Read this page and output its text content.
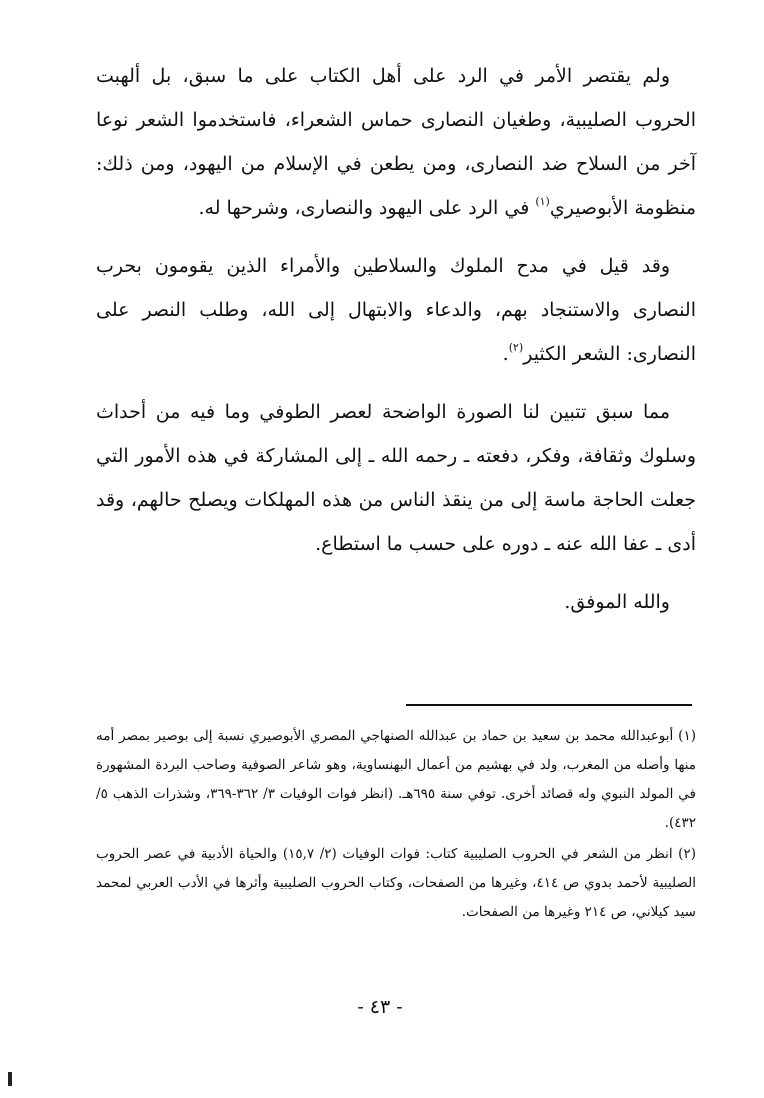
ولم يقتصر الأمر في الرد على أهل الكتاب على ما سبق، بل ألهبت الحروب الصليبية، وطغيان النصارى حماس الشعراء، فاستخدموا الشعر نوعا آخر من السلاح ضد النصارى، ومن يطعن في الإسلام من اليهود، ومن ذلك: منظومة الأبوصيري$^{(١)}$ في الرد على اليهود والنصارى، وشرحها له.

وقد قيل في مدح الملوك والسلاطين والأمراء الذين يقومون بحرب النصارى والاستنجاد بهم، والدعاء والابتهال إلى الله، وطلب النصر على النصارى: الشعر الكثير$^{(٢)}$.

مما سبق تتبين لنا الصورة الواضحة لعصر الطوفي وما فيه من أحداث وسلوك وثقافة، وفكر، دفعته ـ رحمه الله ـ إلى المشاركة في هذه الأمور التي جعلت الحاجة ماسة إلى من ينقذ الناس من هذه المهلكات ويصلح حالهم، وقد أدى ـ عفا الله عنه ـ دوره على حسب ما استطاع.

والله الموفق.

(١) أبوعبدالله محمد بن سعيد بن حماد بن عبدالله الصنهاجي المصري الأبوصيري نسبة إلى بوصير بمصر أمه منها وأصله من المغرب، ولد في بهشيم من أعمال البهنساوية، وهو شاعر الصوفية وصاحب البردة المشهورة في المولد النبوي وله قصائد أخرى. توفي سنة ٦٩٥هـ. (انظر فوات الوفيات ٣/ ٣٦٢-٣٦٩، وشذرات الذهب ٥/ ٤٣٢).

(٢) انظر من الشعر في الحروب الصليبية كتاب: فوات الوفيات (٢/ ١٥,٧) والحياة الأدبية في عصر الحروب الصليبية لأحمد بدوي ص ٤١٤، وغيرها من الصفحات، وكتاب الحروب الصليبية وأثرها في الأدب العربي لمحمد سيد كيلاني، ص ٢١٤ وغيرها من الصفحات.

- ٤٣ -
